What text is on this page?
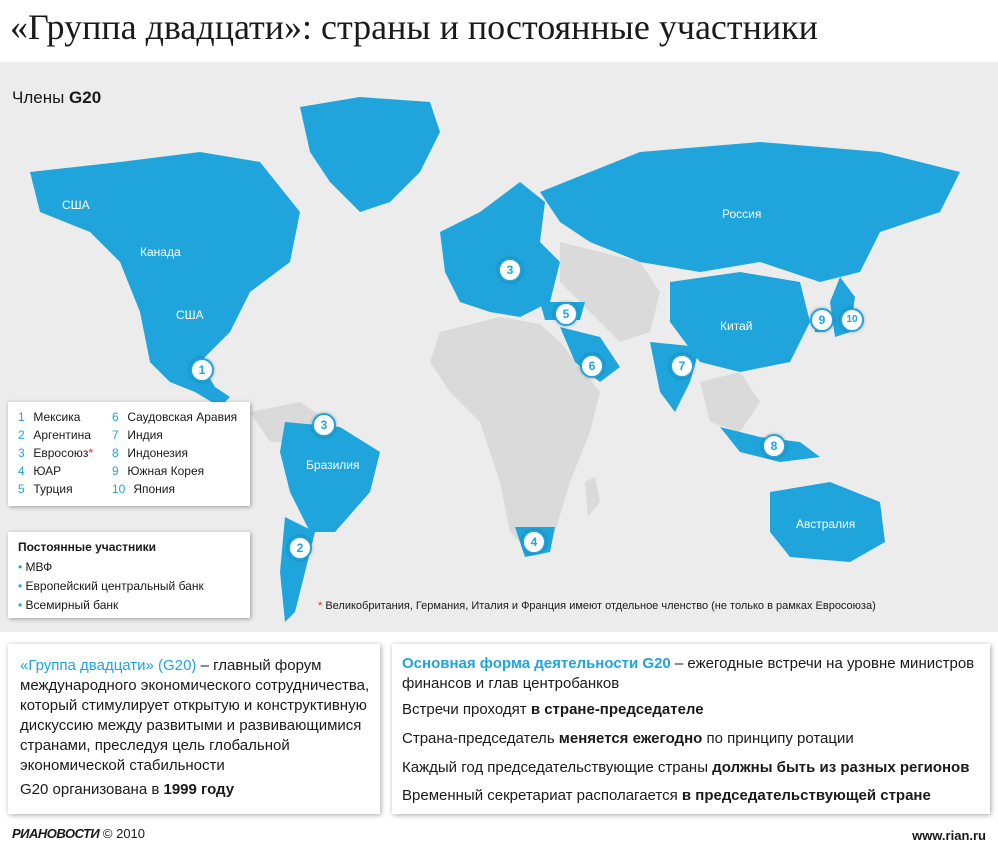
«Группа двадцати»: страны и постоянные участники
Члены G20
США
Канада
США
Бразилия
Россия
Китай
Австралия
1
2
3
3
4
5
6	7
8
9	10
1 Мексика
2 Аргентина
3 Евросоюз*
4 ЮАР
5 Турция
6 Саудовская Аравия
7 Индия
8 Индонезия
9 Южная Корея
10 Япония
Постоянные участники
• МВФ
• Европейский центральный банк
• Всемирный банк	* Великобритания, Германия, Италия и Франция имеют отдельное членство (не только в рамках Евросоюза)
«Группа двадцати» (G20) – главный форум международного экономического сотрудничества, который стимулирует открытую и конструктивную дискуссию между развитыми и развивающимися странами, преследуя цель глобальной экономической стабильности
G20 организована в 1999 году
Основная форма деятельности G20 – ежегодные встречи на уровне министров финансов и глав центробанков
Встречи проходят в стране-председателе
Страна-председатель меняется ежегодно по принципу ротации
Каждый год председательствующие страны должны быть из разных регионов
Временный секретариат располагается в председательствующей стране
РИАНОВОСТИ © 2010	www.rian.ru
